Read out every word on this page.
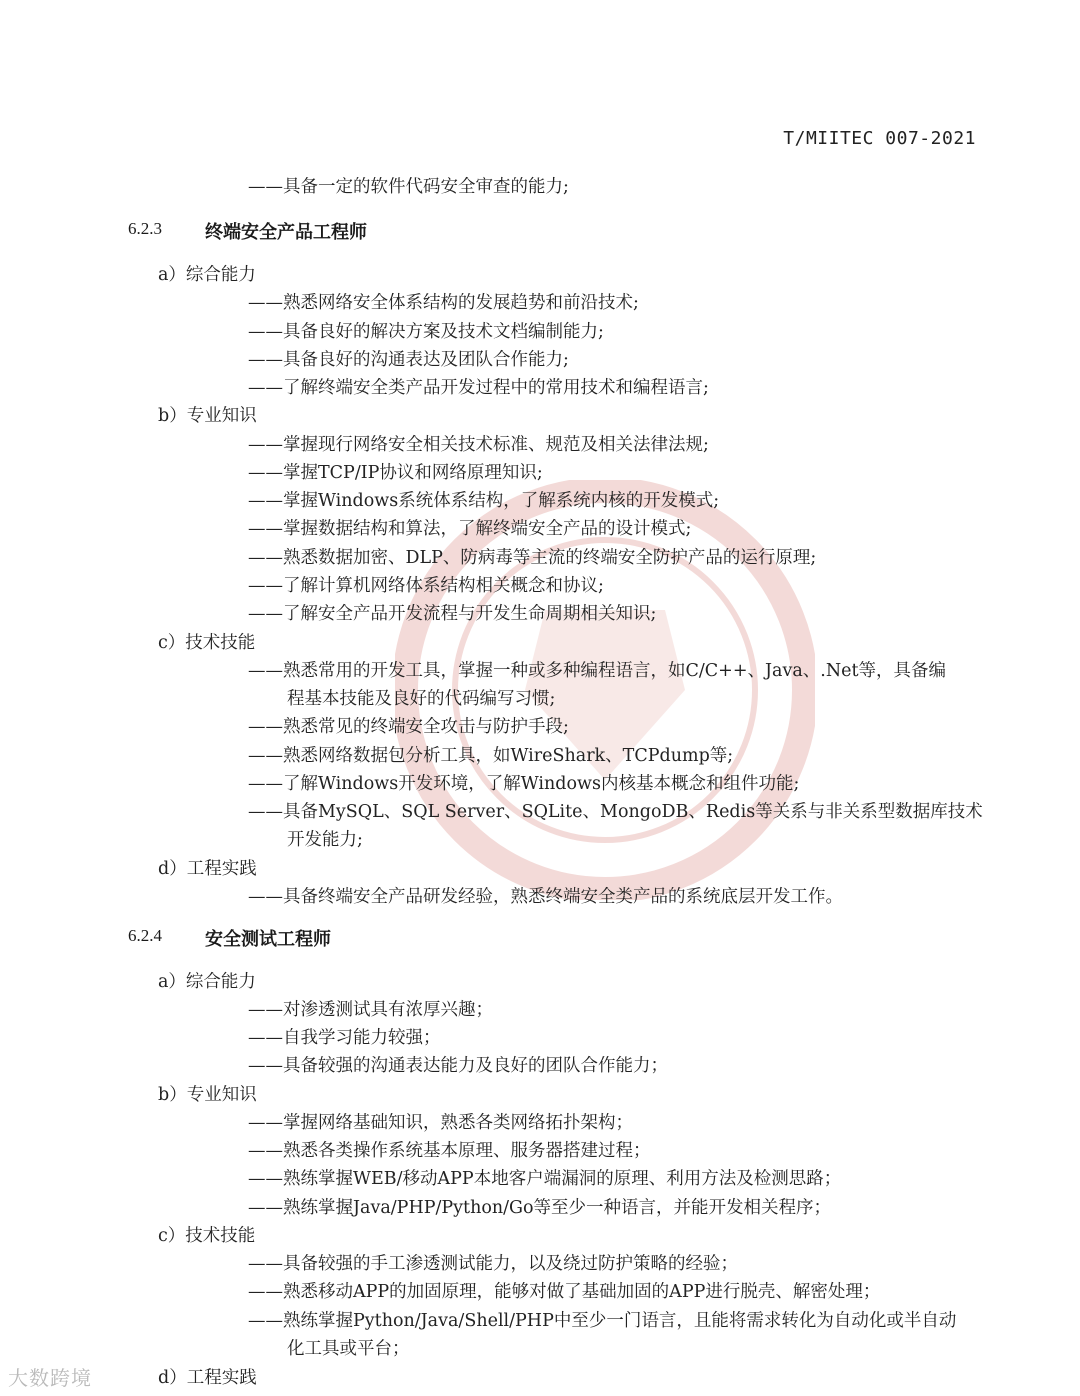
T/MIITEC 007-2021
——具备一定的软件代码安全审查的能力;
6.2.3 终端安全产品工程师
a）综合能力
——熟悉网络安全体系结构的发展趋势和前沿技术;
——具备良好的解决方案及技术文档编制能力;
——具备良好的沟通表达及团队合作能力;
——了解终端安全类产品开发过程中的常用技术和编程语言;
b）专业知识
——掌握现行网络安全相关技术标准、规范及相关法律法规;
——掌握TCP/IP协议和网络原理知识;
——掌握Windows系统体系结构，了解系统内核的开发模式;
——掌握数据结构和算法，了解终端安全产品的设计模式;
——熟悉数据加密、DLP、防病毒等主流的终端安全防护产品的运行原理;
——了解计算机网络体系结构相关概念和协议;
——了解安全产品开发流程与开发生命周期相关知识;
c）技术技能
——熟悉常用的开发工具，掌握一种或多种编程语言，如C/C++、Java、.Net等，具备编
程基本技能及良好的代码编写习惯;
——熟悉常见的终端安全攻击与防护手段;
——熟悉网络数据包分析工具，如WireShark、TCPdump等;
——了解Windows开发环境，了解Windows内核基本概念和组件功能;
——具备MySQL、SQL Server、SQLite、MongoDB、Redis等关系与非关系型数据库技术
开发能力;
d）工程实践
——具备终端安全产品研发经验，熟悉终端安全类产品的系统底层开发工作。
6.2.4 安全测试工程师
a）综合能力
——对渗透测试具有浓厚兴趣；
——自我学习能力较强；
——具备较强的沟通表达能力及良好的团队合作能力；
b）专业知识
——掌握网络基础知识，熟悉各类网络拓扑架构；
——熟悉各类操作系统基本原理、服务器搭建过程；
——熟练掌握WEB/移动APP本地客户端漏洞的原理、利用方法及检测思路；
——熟练掌握Java/PHP/Python/Go等至少一种语言，并能开发相关程序；
c）技术技能
——具备较强的手工渗透测试能力，以及绕过防护策略的经验；
——熟悉移动APP的加固原理，能够对做了基础加固的APP进行脱壳、解密处理；
——熟练掌握Python/Java/Shell/PHP中至少一门语言，且能将需求转化为自动化或半自动
化工具或平台；
d）工程实践
大数跨境
